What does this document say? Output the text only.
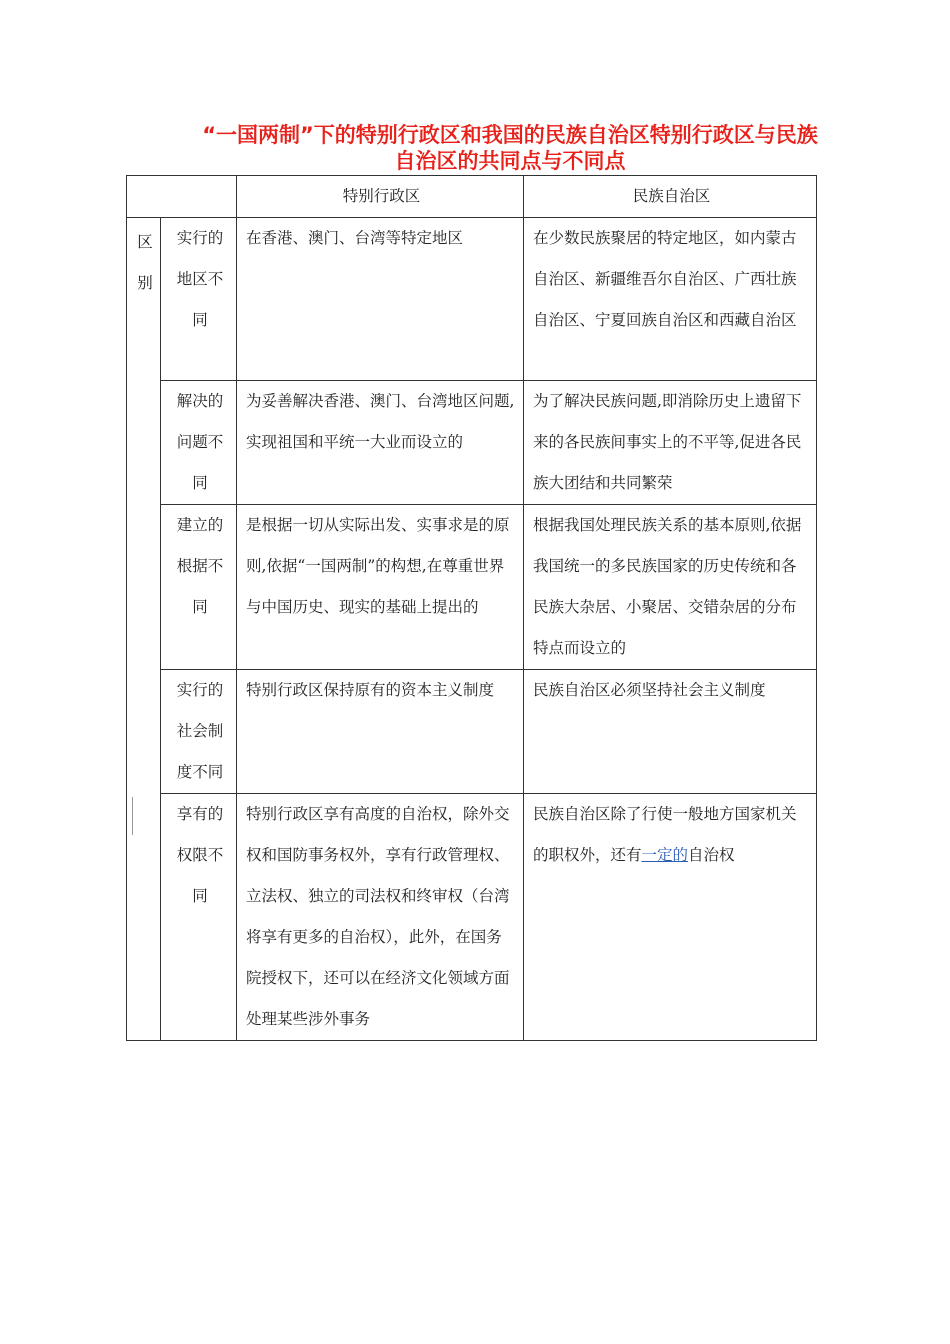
“一国两制”下的特别行政区和我国的民族自治区特别行政区与民族自治区的共同点与不同点
		特别行政区	民族自治区

区别	实行的地区不同	在香港、澳门、台湾等特定地区	在少数民族聚居的特定地区，如内蒙古自治区、新疆维吾尔自治区、广西壮族自治区、宁夏回族自治区和西藏自治区
	解决的问题不同	为妥善解决香港、澳门、台湾地区问题,实现祖国和平统一大业而设立的	为了解决民族问题,即消除历史上遗留下来的各民族间事实上的不平等,促进各民族大团结和共同繁荣
	建立的根据不同	是根据一切从实际出发、实事求是的原则,依据“一国两制”的构想,在尊重世界与中国历史、现实的基础上提出的	根据我国处理民族关系的基本原则,依据我国统一的多民族国家的历史传统和各民族大杂居、小聚居、交错杂居的分布特点而设立的
	实行的社会制度不同	特别行政区保持原有的资本主义制度	民族自治区必须坚持社会主义制度
	享有的权限不同	特别行政区享有高度的自治权，除外交权和国防事务权外，享有行政管理权、立法权、独立的司法权和终审权（台湾将享有更多的自治权），此外，在国务院授权下，还可以在经济文化领域方面处理某些涉外事务	民族自治区除了行使一般地方国家机关的职权外，还有一定的自治权
